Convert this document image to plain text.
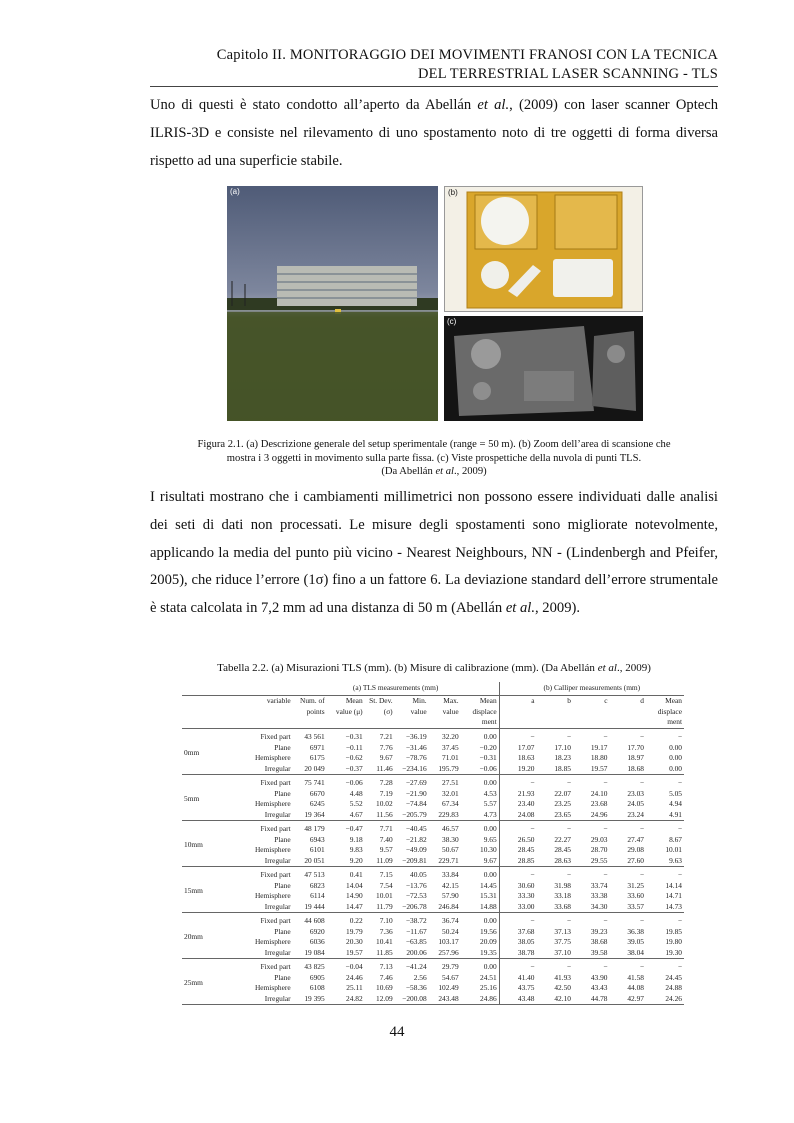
Capitolo II. MONITORAGGIO DEI MOVIMENTI FRANOSI CON LA TECNICA
DEL TERRESTRIAL LASER SCANNING - TLS

Uno di questi è stato condotto all’aperto da Abellán et al., (2009) con laser scanner Optech ILRIS-3D e consiste nel rilevamento di uno spostamento noto di tre oggetti di forma diversa rispetto ad una superficie stabile.

(a)	(b)
(c)
Figura 2.1. (a) Descrizione generale del setup sperimentale (range = 50 m). (b) Zoom dell’area di scansione che
mostra i 3 oggetti in movimento sulla parte fissa. (c) Viste prospettiche della nuvola di punti TLS.
(Da Abellán et al., 2009)

I risultati mostrano che i cambiamenti millimetrici non possono essere individuati dalle analisi dei seti di dati non processati. Le misure degli spostamenti sono migliorate notevolmente, applicando la media del punto più vicino - Nearest Neighbours, NN - (Lindenbergh and Pfeifer, 2005), che riduce l’errore (1σ) fino a un fattore 6. La deviazione standard dell’errore strumentale è stata calcolata in 7,2 mm ad una distanza di 50 m (Abellán et al., 2009).

Tabella 2.2. (a) Misurazioni TLS (mm). (b) Misure di calibrazione (mm). (Da Abellán et al., 2009)
		(a) TLS measurements (mm)						(b) Calliper measurements (mm)				
	variable	Num. of points	Mean value (μ)	St. Dev. (σ)	Min. value	Max. value	Mean displace ment	a	b	c	d	Mean displace ment
0mm	Fixed part	43 561	−0.31	7.21	−36.19	32.20	0.00	−	−	−	−	−
	Plane	6971	−0.11	7.76	−31.46	37.45	−0.20	17.07	17.10	19.17	17.70	0.00
	Hemisphere	6175	−0.62	9.67	−78.76	71.01	−0.31	18.63	18.23	18.80	18.97	0.00
	Irregular	20 049	−0.37	11.46	−234.16	195.79	−0.06	19.20	18.85	19.57	18.68	0.00
5mm	Fixed part	75 741	−0.06	7.28	−27.69	27.51	0.00	−	−	−	−	−
	Plane	6670	4.48	7.19	−21.90	32.01	4.53	21.93	22.07	24.10	23.03	5.05
	Hemisphere	6245	5.52	10.02	−74.84	67.34	5.57	23.40	23.25	23.68	24.05	4.94
	Irregular	19 364	4.67	11.56	−205.79	229.83	4.73	24.08	23.65	24.96	23.24	4.91
10mm	Fixed part	48 179	−0.47	7.71	−40.45	46.57	0.00	−	−	−	−	−
	Plane	6943	9.18	7.40	−21.82	38.30	9.65	26.50	22.27	29.03	27.47	8.67
	Hemisphere	6101	9.83	9.57	−49.09	50.67	10.30	28.45	28.45	28.70	29.08	10.01
	Irregular	20 051	9.20	11.09	−209.81	229.71	9.67	28.85	28.63	29.55	27.60	9.63
15mm	Fixed part	47 513	0.41	7.15	40.05	33.84	0.00	−	−	−	−	−
	Plane	6823	14.04	7.54	−13.76	42.15	14.45	30.60	31.98	33.74	31.25	14.14
	Hemisphere	6114	14.90	10.01	−72.53	57.90	15.31	33.30	33.18	33.38	33.60	14.71
	Irregular	19 444	14.47	11.79	−206.78	246.84	14.88	33.00	33.68	34.30	33.57	14.73
20mm	Fixed part	44 608	0.22	7.10	−38.72	36.74	0.00	−	−	−	−	−
	Plane	6920	19.79	7.36	−11.67	50.24	19.56	37.68	37.13	39.23	36.38	19.85
	Hemisphere	6036	20.30	10.41	−63.85	103.17	20.09	38.05	37.75	38.68	39.05	19.80
	Irregular	19 084	19.57	11.85	200.06	257.96	19.35	38.78	37.10	39.58	38.04	19.30
25mm	Fixed part	43 825	−0.04	7.13	−41.24	29.79	0.00	−	−	−	−	−
	Plane	6905	24.46	7.46	2.56	54.67	24.51	41.40	41.93	43.90	41.58	24.45
	Hemisphere	6108	25.11	10.69	−58.36	102.49	25.16	43.75	42.50	43.43	44.08	24.88
	Irregular	19 395	24.82	12.09	−200.08	243.48	24.86	43.48	42.10	44.78	42.97	24.26
44
